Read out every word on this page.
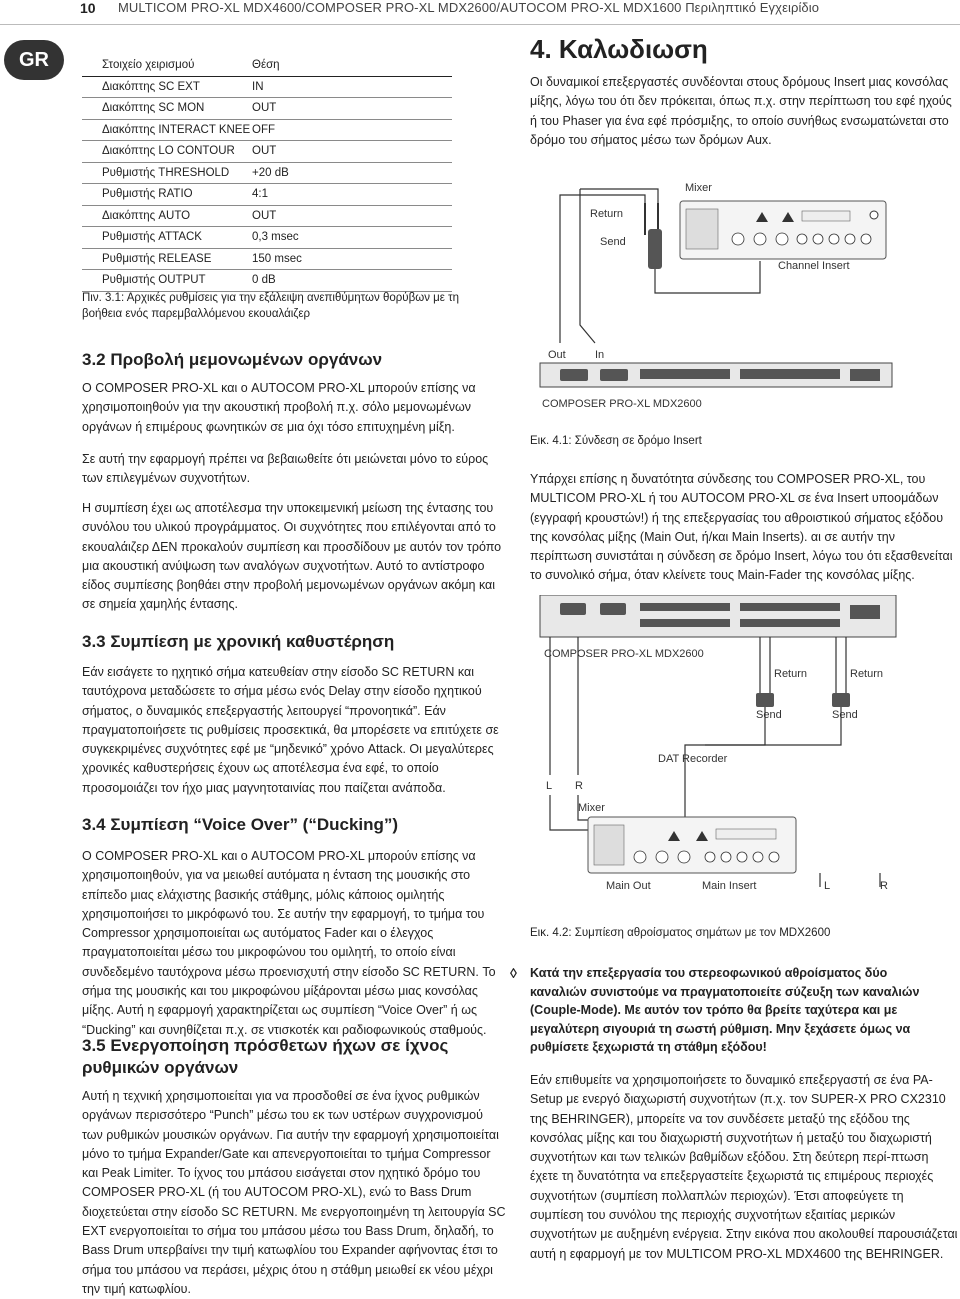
10 MULTICOM PRO-XL MDX4600/COMPOSER PRO-XL MDX2600/AUTOCOM PRO-XL MDX1600 Περιληπτικό Εγχειρίδιο
GR	Στοιχείο χειρισμού	Θέση
Διακόπτης SC EXT	IN
Διακόπτης SC MON	OUT
Διακόπτης INTERACT KNEE	OFF
Διακόπτης LO CONTOUR	OUT
Ρυθμιστής THRESHOLD	+20 dB
Ρυθμιστής RATIO	4:1
Διακόπτης AUTO	OUT
Ρυθμιστής ATTACK	0,3 msec
Ρυθμιστής RELEASE	150 msec
Ρυθμιστής OUTPUT	0 dB
Πιν. 3.1: Αρχικές ρυθμίσεις για την εξάλειψη ανεπιθύμητων θορύβων με τη βοήθεια ενός παρεμβαλλόμενου εκουαλάιζερ
3.2 Προβολή μεμονωμένων οργάνων

Ο COMPOSER PRO-XL και ο AUTOCOM PRO-XL μπορούν επίσης να χρησιμοποιηθούν για την ακουστική προβολή π.χ. σόλο μεμονωμένων οργάνων ή επιμέρους φωνητικών σε μια όχι τόσο επιτυχημένη μίξη.

Σε αυτή την εφαρμογή πρέπει να βεβαιωθείτε ότι μειώνεται μόνο το εύρος των επιλεγμένων συχνοτήτων.

Η συμπίεση έχει ως αποτέλεσμα την υποκειμενική μείωση της έντασης του συνόλου του υλικού προγράμματος. Οι συχνότητες που επιλέγονται από το εκουαλάιζερ ΔΕΝ προκαλούν συμπίεση και προσδίδουν με αυτόν τον τρόπο μια ακουστική ανύψωση των αναλόγων συχνοτήτων. Αυτό το αντίστροφο είδος συμπίεσης βοηθάει στην προβολή μεμονωμένων οργάνων ακόμη και σε σημεία χαμηλής έντασης.

3.3 Συμπίεση με χρονική καθυστέρηση

Εάν εισάγετε το ηχητικό σήμα κατευθείαν στην είσοδο SC RETURN και ταυτόχρονα μεταδώσετε το σήμα μέσω ενός Delay στην είσοδο ηχητικού σήματος, ο δυναμικός επεξεργαστής λειτουργεί “προνοητικά”. Εάν πραγματοποιήσετε τις ρυθμίσεις προσεκτικά, θα μπορέσετε να επιτύχετε σε συγκεκριμένες συχνότητες εφέ με “μηδενικό” χρόνο Attack. Οι μεγαλύτερες χρονικές καθυστερήσεις έχουν ως αποτέλεσμα ένα εφέ, το οποίο προσομοιάζει τον ήχο μιας μαγνητοταινίας που παίζεται ανάποδα.

3.4 Συμπίεση “Voice Over” (“Ducking”)

Ο COMPOSER PRO-XL και ο AUTOCOM PRO-XL μπορούν επίσης να χρησιμοποιηθούν, για να μειωθεί αυτόματα η ένταση της μουσικής στο επίπεδο μιας ελάχιστης βασικής στάθμης, μόλις κάποιος ομιλητής χρησιμοποιήσει το μικρόφωνό του. Σε αυτήν την εφαρμογή, το τμήμα του Compressor χρησιμοποιείται ως αυτόματος Fader και ο έλεγχος πραγματοποιείται μέσω του μικροφώνου του ομιλητή, το οποίο είναι συνδεδεμένο ταυτόχρονα μέσω προενισχυτή στην είσοδο SC RETURN. Το σήμα της μουσικής και του μικροφώνου μίξάρονται μέσω μιας κονσόλας μίξης. Αυτή η εφαρμογή χαρακτηρίζεται ως συμπίεση “Voice Over” ή ως “Ducking” και συνηθίζεται π.χ. σε ντισκοτέκ και ραδιοφωνικούς σταθμούς.

3.5 Ενεργοποίηση πρόσθετων ήχων σε ίχνος
ρυθμικών οργάνων

Αυτή η τεχνική χρησιμοποιείται για να προσδοθεί σε ένα ίχνος ρυθμικών οργάνων περισσότερο “Punch” μέσω του εκ των υστέρων συγχρονισμού των ρυθμικών μουσικών οργάνων. Για αυτήν την εφαρμογή χρησιμοποιείται μόνο το τμήμα Expander/Gate και απενεργοποιείται το τμήμα Compressor και Peak Limiter. Το ίχνος του μπάσου εισάγεται στον ηχητικό δρόμο του COMPOSER PRO-XL (ή του AUTOCOM PRO-XL), ενώ το Bass Drum διοχετεύεται στην είσοδο SC RETURN. Με ενεργοποιημένη τη λειτουργία SC EXT ενεργοποιείται το σήμα του μπάσου μέσω του Bass Drum, δηλαδή, το Bass Drum υπερβαίνει την τιμή κατωφλίου του Expander αφήνοντας έτσι το σήμα του μπάσου να περάσει, μέχρις ότου η στάθμη μειωθεί εκ νέου μέχρι την τιμή κατωφλίου.

4. Καλωδιωση

Οι δυναμικοί επεξεργαστές συνδέονται στους δρόμους Insert μιας κονσόλας μίξης, λόγω του ότι δεν πρόκειται, όπως π.χ. στην περίπτωση του εφέ ηχούς ή του Phaser για ένα εφέ πρόσμιξης, το οποίο συνήθως ενσωματώνεται στο δρόμο του σήματος μέσω των δρόμων Aux.

Mixer
Channel Insert
Return
Send
Out	In
COMPOSER PRO-XL MDX2600
Εικ. 4.1: Σύνδεση σε δρόμο Insert

Υπάρχει επίσης η δυνατότητα σύνδεσης του COMPOSER PRO-XL, του MULTICOM PRO-XL ή του AUTOCOM PRO-XL σε ένα Insert υποομάδων (εγγραφή κρουστών!) ή της επεξεργασίας του αθροιστικού σήματος εξόδου της κονσόλας μίξης (Main Out, ή/και Main Inserts). αι σε αυτήν την περίπτωση συνιστάται η σύνδεση σε δρόμο Insert, λόγω του ότι εξασθενείται το συνολικό σήμα, όταν κλείνετε τους Main-Fader της κονσόλας μίξης.

COMPOSER PRO-XL MDX2600
Return	Return
Send	Send
DAT Recorder
L R
Mixer
Main Out	Main Insert	L	R
Εικ. 4.2: Συμπίεση αθροίσματος σημάτων με τον MDX2600
◊ Κατά την επεξεργασία του στερεοφωνικού αθροίσματος δύο καναλιών συνιστούμε να πραγματοποιείτε σύζευξη των καναλιών (Couple-Mode). Με αυτόν τον τρόπο θα βρείτε ταχύτερα και με μεγαλύτερη σιγουριά τη σωστή ρύθμιση. Μην ξεχάσετε όμως να ρυθμίσετε ξεχωριστά τη στάθμη εξόδου!

Εάν επιθυμείτε να χρησιμοποιήσετε το δυναμικό επεξεργαστή σε ένα PA-Setup με ενεργό διαχωριστή συχνοτήτων (π.χ. τον SUPER-X PRO CX2310 της BEHRINGER), μπορείτε να τον συνδέσετε μεταξύ της εξόδου της κονσόλας μίξης και του διαχωριστή συχνοτήτων ή μεταξύ του διαχωριστή συχνοτήτων και των τελικών βαθμίδων εξόδου. Στη δεύτερη περί-πτωση έχετε τη δυνατότητα να επεξεργαστείτε ξεχωριστά τις επιμέρους περιοχές συχνοτήτων (συμπίεση πολλαπλών περιοχών). Έτσι αποφεύγετε τη συμπίεση του συνόλου της περιοχής συχνοτήτων εξαιτίας μερικών συχνοτήτων με αυξημένη ενέργεια. Στην εικόνα που ακολουθεί παρουσιάζεται αυτή η εφαρμογή με τον MULTICOM PRO-XL MDX4600 της BEHRINGER.
